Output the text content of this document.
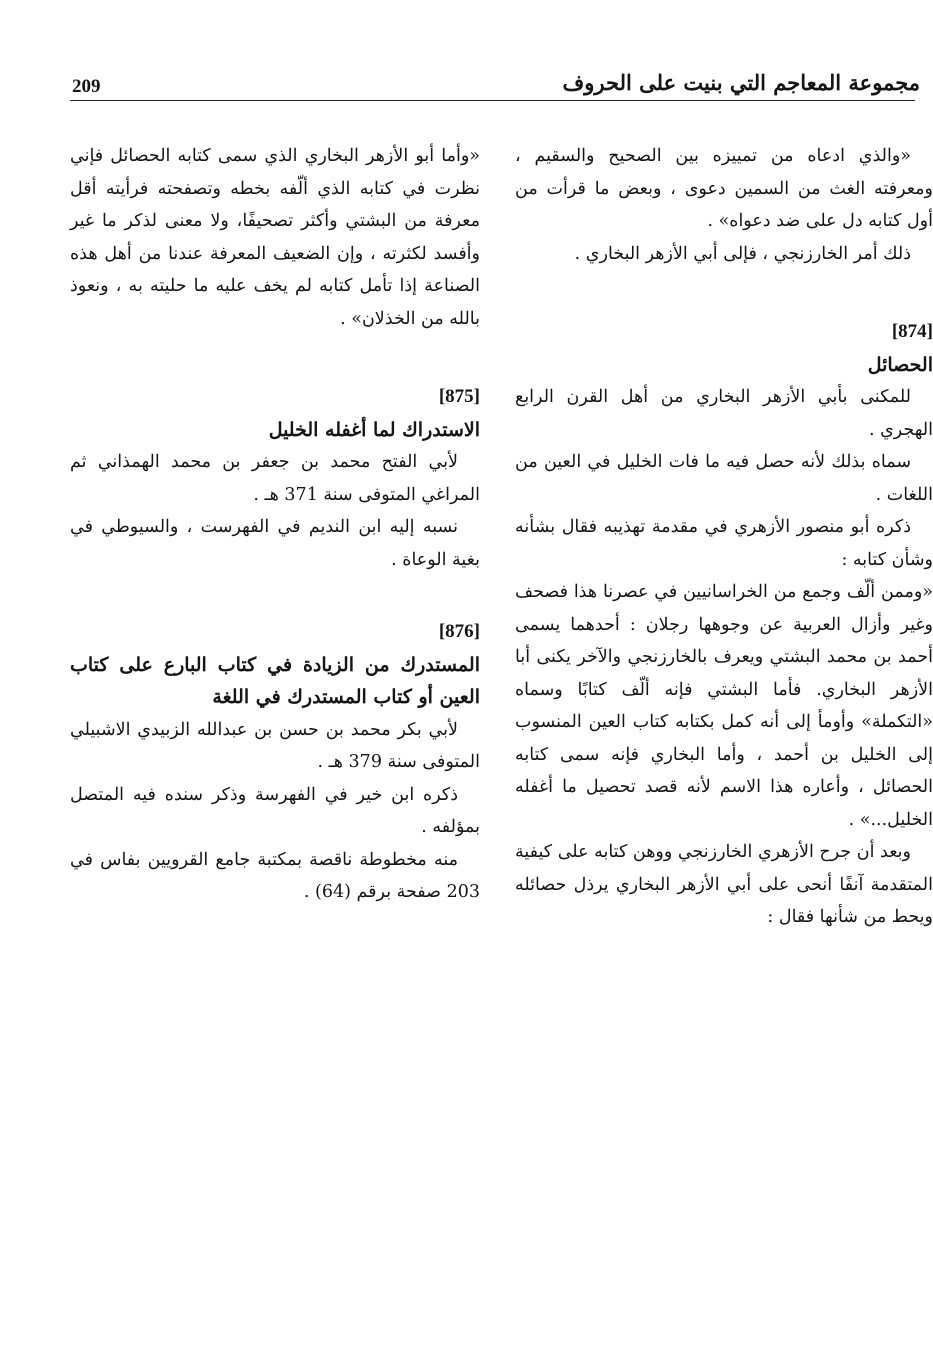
209	مجموعة المعاجم التي بنيت على الحروف

«والذي ادعاه من تمييزه بين الصحيح والسقيم ، ومعرفته الغث من السمين دعوى ، وبعض ما قرأت من أول كتابه دل على ضد دعواه» .

ذلك أمر الخارزنجي ، فإلى أبي الأزهر البخاري .

[874]

الحصائل

للمكنى بأبي الأزهر البخاري من أهل القرن الرابع الهجري .

سماه بذلك لأنه حصل فيه ما فات الخليل في العين من اللغات .

ذكره أبو منصور الأزهري في مقدمة تهذيبه فقال بشأنه وشأن كتابه :

«وممن ألّف وجمع من الخراسانيين في عصرنا هذا فصحف وغير وأزال العربية عن وجوهها رجلان : أحدهما يسمى أحمد بن محمد البشتي ويعرف بالخارزنجي والآخر يكنى أبا الأزهر البخاري. فأما البشتي فإنه ألّف كتابًا وسماه «التكملة» وأومأ إلى أنه كمل بكتابه كتاب العين المنسوب إلى الخليل بن أحمد ، وأما البخاري فإنه سمى كتابه الحصائل ، وأعاره هذا الاسم لأنه قصد تحصيل ما أغفله الخليل...» .

وبعد أن جرح الأزهري الخارزنجي ووهن كتابه على كيفية المتقدمة آنفًا أنحى على أبي الأزهر البخاري يرذل حصائله ويحط من شأنها فقال :

«وأما أبو الأزهر البخاري الذي سمى كتابه الحصائل فإني نظرت في كتابه الذي ألّفه بخطه وتصفحته فرأيته أقل معرفة من البشتي وأكثر تصحيفًا، ولا معنى لذكر ما غير وأفسد لكثرته ، وإن الضعيف المعرفة عندنا من أهل هذه الصناعة إذا تأمل كتابه لم يخف عليه ما حليته به ، ونعوذ بالله من الخذلان» .

[875]

الاستدراك لما أغفله الخليل

لأبي الفتح محمد بن جعفر بن محمد الهمذاني ثم المراغي المتوفى سنة 371 هـ .

نسبه إليه ابن النديم في الفهرست ، والسيوطي في بغية الوعاة .

[876]

المستدرك من الزيادة في كتاب البارع على كتاب العين أو كتاب المستدرك في اللغة

لأبي بكر محمد بن حسن بن عبدالله الزبيدي الاشبيلي المتوفى سنة 379 هـ .

ذكره ابن خير في الفهرسة وذكر سنده فيه المتصل بمؤلفه .

منه مخطوطة ناقصة بمكتبة جامع القرويين بفاس في 203 صفحة برقم (64) .
